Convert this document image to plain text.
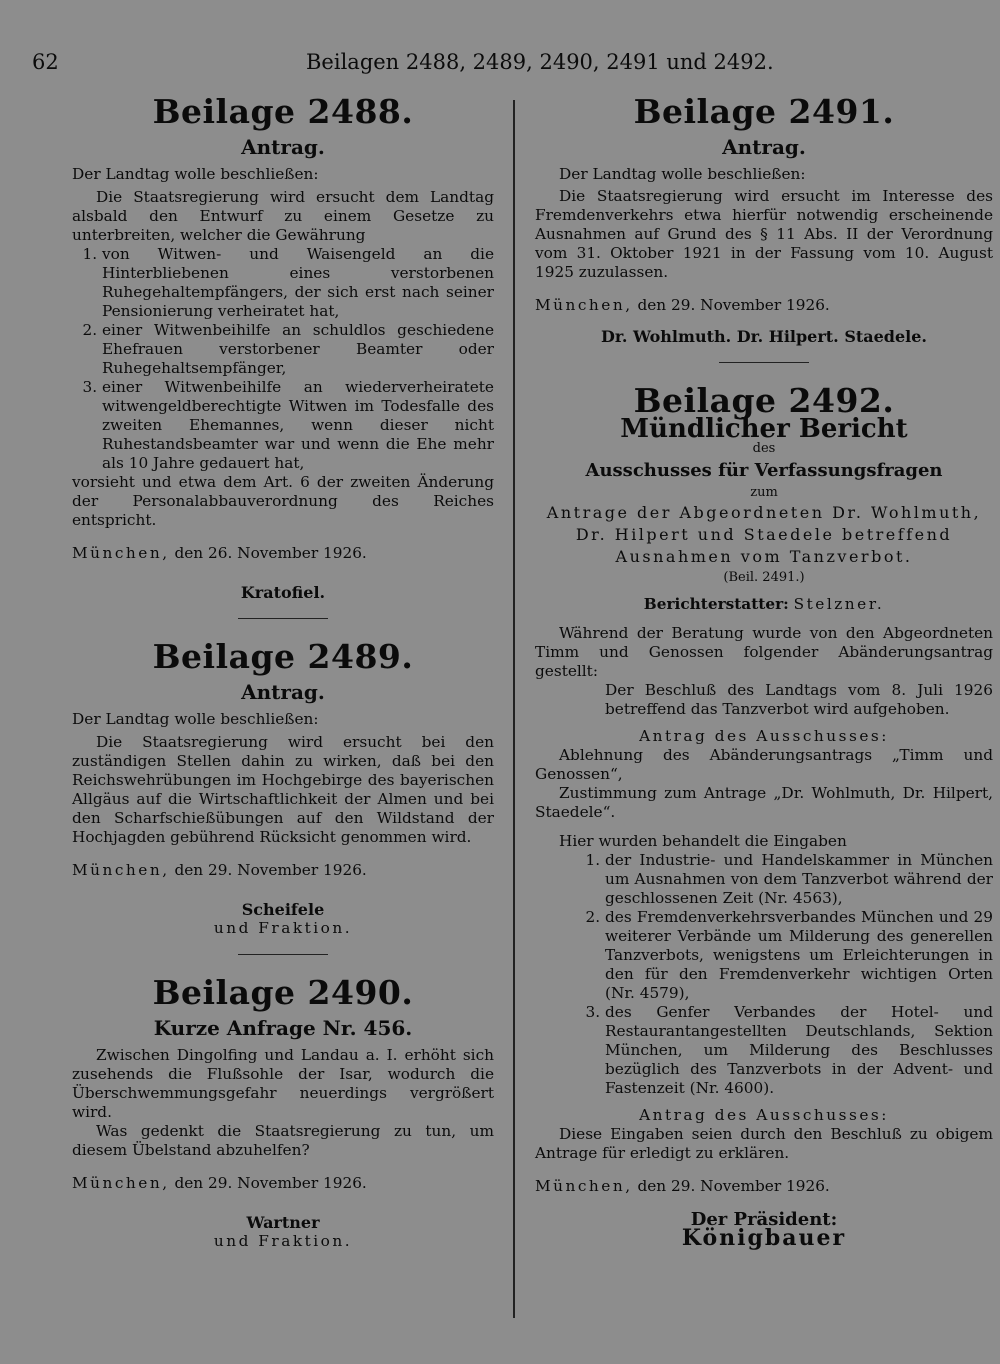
62	Beilagen 2488, 2489, 2490, 2491 und 2492.
Beilage 2488.
Antrag.

Der Landtag wolle beschließen:

Die Staatsregierung wird ersucht dem Landtag alsbald den Entwurf zu einem Gesetze zu unterbreiten, welcher die Gewährung

1. von Witwen- und Waisengeld an die Hinterbliebenen eines verstorbenen Ruhegehaltempfängers, der sich erst nach seiner Pensionierung verheiratet hat,
2. einer Witwenbeihilfe an schuldlos geschiedene Ehefrauen verstorbener Beamter oder Ruhegehaltsempfänger,
3. einer Witwenbeihilfe an wiederverheiratete witwengeldberechtigte Witwen im Todesfalle des zweiten Ehemannes, wenn dieser nicht Ruhestandsbeamter war und wenn die Ehe mehr als 10 Jahre gedauert hat,

vorsieht und etwa dem Art. 6 der zweiten Änderung der Personalabbauverordnung des Reiches entspricht.

München, den 26. November 1926.

Kratofiel.

Beilage 2489.
Antrag.

Der Landtag wolle beschließen:

Die Staatsregierung wird ersucht bei den zuständigen Stellen dahin zu wirken, daß bei den Reichswehrübungen im Hochgebirge des bayerischen Allgäus auf die Wirtschaftlichkeit der Almen und bei den Scharfschießübungen auf den Wildstand der Hochjagden gebührend Rücksicht genommen wird.

München, den 29. November 1926.

Scheifele

und Fraktion.

Beilage 2490.
Kurze Anfrage Nr. 456.

Zwischen Dingolfing und Landau a. I. erhöht sich zusehends die Flußsohle der Isar, wodurch die Überschwemmungsgefahr neuerdings vergrößert wird.

Was gedenkt die Staatsregierung zu tun, um diesem Übelstand abzuhelfen?

München, den 29. November 1926.

Wartner

und Fraktion.

Beilage 2491.
Antrag.

Der Landtag wolle beschließen:

Die Staatsregierung wird ersucht im Interesse des Fremdenverkehrs etwa hierfür notwendig erscheinende Ausnahmen auf Grund des § 11 Abs. II der Verordnung vom 31. Oktober 1921 in der Fassung vom 10. August 1925 zuzulassen.

München, den 29. November 1926.

Dr. Wohlmuth. Dr. Hilpert. Staedele.

Beilage 2492.

Mündlicher Bericht

des

Ausschusses für Verfassungsfragen

zum

Antrage der Abgeordneten Dr. Wohlmuth, Dr. Hilpert und Staedele betreffend Ausnahmen vom Tanzverbot.

(Beil. 2491.)

Berichterstatter: Stelzner.

Während der Beratung wurde von den Abgeordneten Timm und Genossen folgender Abänderungsantrag gestellt:

Der Beschluß des Landtags vom 8. Juli 1926 betreffend das Tanzverbot wird aufgehoben.

Antrag des Ausschusses:

Ablehnung des Abänderungsantrags „Timm und Genossen“,

Zustimmung zum Antrage „Dr. Wohlmuth, Dr. Hilpert, Staedele“.

Hier wurden behandelt die Eingaben

1. der Industrie- und Handelskammer in München um Ausnahmen von dem Tanzverbot während der geschlossenen Zeit (Nr. 4563),
2. des Fremdenverkehrsverbandes München und 29 weiterer Verbände um Milderung des generellen Tanzverbots, wenigstens um Erleichterungen in den für den Fremdenverkehr wichtigen Orten (Nr. 4579),
3. des Genfer Verbandes der Hotel- und Restaurantangestellten Deutschlands, Sektion München, um Milderung des Beschlusses bezüglich des Tanzverbots in der Advent- und Fastenzeit (Nr. 4600).

Antrag des Ausschusses:

Diese Eingaben seien durch den Beschluß zu obigem Antrage für erledigt zu erklären.

München, den 29. November 1926.

Der Präsident:

Königbauer
